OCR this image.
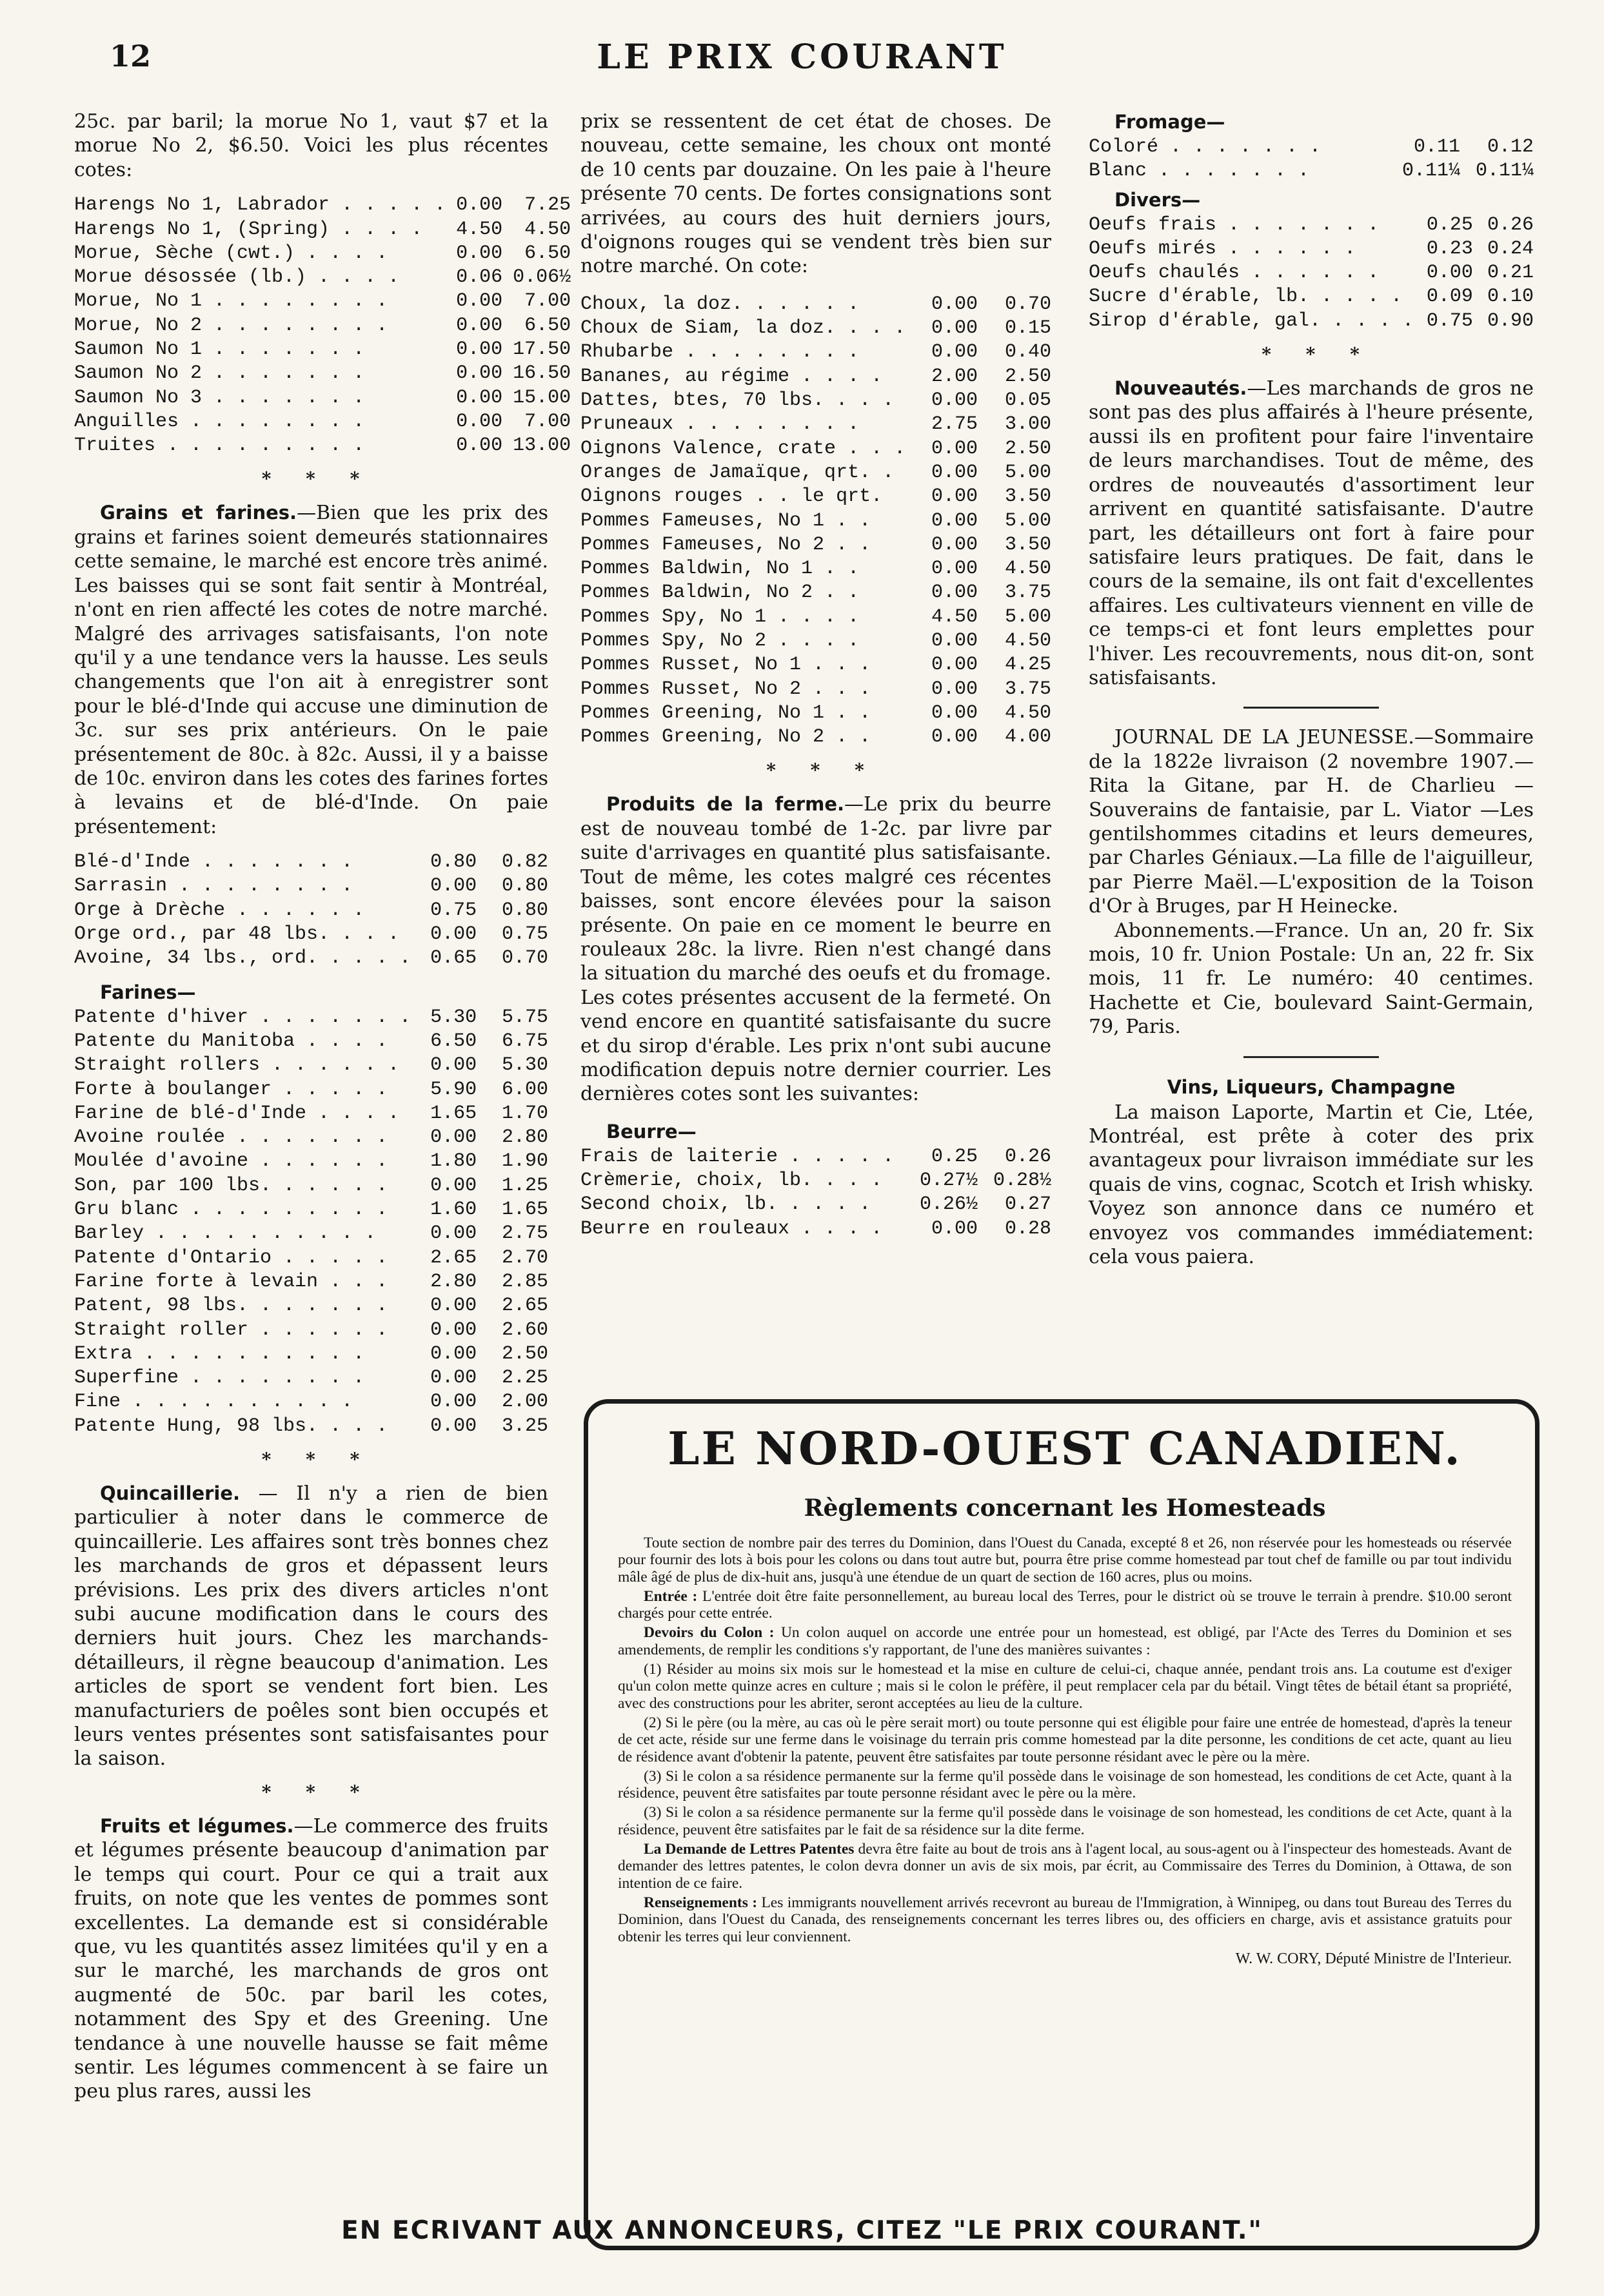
12	LE PRIX COURANT

25c. par baril; la morue No 1, vaut $7 et la morue No 2, $6.50. Voici les plus récentes cotes:

Harengs No 1, Labrador . . . . .	0.00	7.25
Harengs No 1, (Spring) . . . .	4.50	4.50
Morue, Sèche (cwt.) . . . .	0.00	6.50
Morue désossée (lb.) . . . .	0.06	0.06½
Morue, No 1 . . . . . . . .	0.00	7.00
Morue, No 2 . . . . . . . .	0.00	6.50
Saumon No 1 . . . . . . .	0.00	17.50
Saumon No 2 . . . . . . .	0.00	16.50
Saumon No 3 . . . . . . .	0.00	15.00
Anguilles . . . . . . . .	0.00	7.00
Truites . . . . . . . . .	0.00	13.00
* * *

Grains et farines.—Bien que les prix des grains et farines soient demeurés stationnaires cette semaine, le marché est encore très animé. Les baisses qui se sont fait sentir à Montréal, n'ont en rien affecté les cotes de notre marché. Malgré des arrivages satisfaisants, l'on note qu'il y a une tendance vers la hausse. Les seuls changements que l'on ait à enregistrer sont pour le blé-d'Inde qui accuse une diminution de 3c. sur ses prix antérieurs. On le paie présentement de 80c. à 82c. Aussi, il y a baisse de 10c. environ dans les cotes des farines fortes à levains et de blé-d'Inde. On paie présentement:

Blé-d'Inde . . . . . . .	0.80	0.82
Sarrasin . . . . . . . .	0.00	0.80
Orge à Drèche . . . . . .	0.75	0.80
Orge ord., par 48 lbs. . . .	0.00	0.75
Avoine, 34 lbs., ord. . . . .	0.65	0.70
Farines—
Patente d'hiver . . . . . . .	5.30	5.75
Patente du Manitoba . . . .	6.50	6.75
Straight rollers . . . . . .	0.00	5.30
Forte à boulanger . . . . .	5.90	6.00
Farine de blé-d'Inde . . . .	1.65	1.70
Avoine roulée . . . . . . .	0.00	2.80
Moulée d'avoine . . . . . .	1.80	1.90
Son, par 100 lbs. . . . . .	0.00	1.25
Gru blanc . . . . . . . . .	1.60	1.65
Barley . . . . . . . . . .	0.00	2.75
Patente d'Ontario . . . . .	2.65	2.70
Farine forte à levain . . .	2.80	2.85
Patent, 98 lbs. . . . . . .	0.00	2.65
Straight roller . . . . . .	0.00	2.60
Extra . . . . . . . . . .	0.00	2.50
Superfine . . . . . . . .	0.00	2.25
Fine . . . . . . . . . .	0.00	2.00
Patente Hung, 98 lbs. . . .	0.00	3.25
* * *

Quincaillerie. — Il n'y a rien de bien particulier à noter dans le commerce de quincaillerie. Les affaires sont très bonnes chez les marchands de gros et dépassent leurs prévisions. Les prix des divers articles n'ont subi aucune modification dans le cours des derniers huit jours. Chez les marchands-détailleurs, il règne beaucoup d'animation. Les articles de sport se vendent fort bien. Les manufacturiers de poêles sont bien occupés et leurs ventes présentes sont satisfaisantes pour la saison.

* * *

Fruits et légumes.—Le commerce des fruits et légumes présente beaucoup d'animation par le temps qui court. Pour ce qui a trait aux fruits, on note que les ventes de pommes sont excellentes. La demande est si considérable que, vu les quantités assez limitées qu'il y en a sur le marché, les marchands de gros ont augmenté de 50c. par baril les cotes, notamment des Spy et des Greening. Une tendance à une nouvelle hausse se fait même sentir. Les légumes commencent à se faire un peu plus rares, aussi les

prix se ressentent de cet état de choses. De nouveau, cette semaine, les choux ont monté de 10 cents par douzaine. On les paie à l'heure présente 70 cents. De fortes consignations sont arrivées, au cours des huit derniers jours, d'oignons rouges qui se vendent très bien sur notre marché. On cote:

Choux, la doz. . . . . .	0.00	0.70
Choux de Siam, la doz. . . .	0.00	0.15
Rhubarbe . . . . . . . .	0.00	0.40
Bananes, au régime . . . .	2.00	2.50
Dattes, btes, 70 lbs. . . .	0.00	0.05
Pruneaux . . . . . . . .	2.75	3.00
Oignons Valence, crate . . .	0.00	2.50
Oranges de Jamaïque, qrt. .	0.00	5.00
Oignons rouges . . le qrt.	0.00	3.50
Pommes Fameuses, No 1 . .	0.00	5.00
Pommes Fameuses, No 2 . .	0.00	3.50
Pommes Baldwin, No 1 . .	0.00	4.50
Pommes Baldwin, No 2 . .	0.00	3.75
Pommes Spy, No 1 . . . .	4.50	5.00
Pommes Spy, No 2 . . . .	0.00	4.50
Pommes Russet, No 1 . . .	0.00	4.25
Pommes Russet, No 2 . . .	0.00	3.75
Pommes Greening, No 1 . .	0.00	4.50
Pommes Greening, No 2 . .	0.00	4.00
* * *

Produits de la ferme.—Le prix du beurre est de nouveau tombé de 1-2c. par livre par suite d'arrivages en quantité plus satisfaisante. Tout de même, les cotes malgré ces récentes baisses, sont encore élevées pour la saison présente. On paie en ce moment le beurre en rouleaux 28c. la livre. Rien n'est changé dans la situation du marché des oeufs et du fromage. Les cotes présentes accusent de la fermeté. On vend encore en quantité satisfaisante du sucre et du sirop d'érable. Les prix n'ont subi aucune modification depuis notre dernier courrier. Les dernières cotes sont les suivantes:

Beurre—
Frais de laiterie . . . . .	0.25	0.26
Crèmerie, choix, lb. . . .	0.27½	0.28½
Second choix, lb. . . . .	0.26½	0.27
Beurre en rouleaux . . . .	0.00	0.28
Fromage—
Coloré . . . . . . .	0.11	0.12
Blanc . . . . . . .	0.11¼	0.11¼
Divers—
Oeufs frais . . . . . . .	0.25	0.26
Oeufs mirés . . . . . .	0.23	0.24
Oeufs chaulés . . . . . .	0.00	0.21
Sucre d'érable, lb. . . . .	0.09	0.10
Sirop d'érable, gal. . . . .	0.75	0.90
* * *

Nouveautés.—Les marchands de gros ne sont pas des plus affairés à l'heure présente, aussi ils en profitent pour faire l'inventaire de leurs marchandises. Tout de même, des ordres de nouveautés d'assortiment leur arrivent en quantité satisfaisante. D'autre part, les détailleurs ont fort à faire pour satisfaire leurs pratiques. De fait, dans le cours de la semaine, ils ont fait d'excellentes affaires. Les cultivateurs viennent en ville de ce temps-ci et font leurs emplettes pour l'hiver. Les recouvrements, nous dit-on, sont satisfaisants.

JOURNAL DE LA JEUNESSE.—Sommaire de la 1822e livraison (2 novembre 1907.—Rita la Gitane, par H. de Charlieu —Souverains de fantaisie, par L. Viator —Les gentilshommes citadins et leurs demeures, par Charles Géniaux.—La fille de l'aiguilleur, par Pierre Maël.—L'exposition de la Toison d'Or à Bruges, par H Heinecke.

Abonnements.—France. Un an, 20 fr. Six mois, 10 fr. Union Postale: Un an, 22 fr. Six mois, 11 fr. Le numéro: 40 centimes. Hachette et Cie, boulevard Saint-Germain, 79, Paris.

Vins, Liqueurs, Champagne

La maison Laporte, Martin et Cie, Ltée, Montréal, est prête à coter des prix avantageux pour livraison immédiate sur les quais de vins, cognac, Scotch et Irish whisky. Voyez son annonce dans ce numéro et envoyez vos commandes immédiatement: cela vous paiera.

LE NORD-OUEST CANADIEN.
Règlements concernant les Homesteads

Toute section de nombre pair des terres du Dominion, dans l'Ouest du Canada, excepté 8 et 26, non réservée pour les homesteads ou réservée pour fournir des lots à bois pour les colons ou dans tout autre but, pourra être prise comme homestead par tout chef de famille ou par tout individu mâle âgé de plus de dix-huit ans, jusqu'à une étendue de un quart de section de 160 acres, plus ou moins.

Entrée : L'entrée doit être faite personnellement, au bureau local des Terres, pour le district où se trouve le terrain à prendre. $10.00 seront chargés pour cette entrée.

Devoirs du Colon : Un colon auquel on accorde une entrée pour un homestead, est obligé, par l'Acte des Terres du Dominion et ses amendements, de remplir les conditions s'y rapportant, de l'une des manières suivantes :

(1) Résider au moins six mois sur le homestead et la mise en culture de celui-ci, chaque année, pendant trois ans. La coutume est d'exiger qu'un colon mette quinze acres en culture ; mais si le colon le préfère, il peut remplacer cela par du bétail. Vingt têtes de bétail étant sa propriété, avec des constructions pour les abriter, seront acceptées au lieu de la culture.

(2) Si le père (ou la mère, au cas où le père serait mort) ou toute personne qui est éligible pour faire une entrée de homestead, d'après la teneur de cet acte, réside sur une ferme dans le voisinage du terrain pris comme homestead par la dite personne, les conditions de cet acte, quant au lieu de résidence avant d'obtenir la patente, peuvent être satisfaites par toute personne résidant avec le père ou la mère.

(3) Si le colon a sa résidence permanente sur la ferme qu'il possède dans le voisinage de son homestead, les conditions de cet Acte, quant à la résidence, peuvent être satisfaites par toute personne résidant avec le père ou la mère.

(3) Si le colon a sa résidence permanente sur la ferme qu'il possède dans le voisinage de son homestead, les conditions de cet Acte, quant à la résidence, peuvent être satisfaites par le fait de sa résidence sur la dite ferme.

La Demande de Lettres Patentes devra être faite au bout de trois ans à l'agent local, au sous-agent ou à l'inspecteur des homesteads. Avant de demander des lettres patentes, le colon devra donner un avis de six mois, par écrit, au Commissaire des Terres du Dominion, à Ottawa, de son intention de ce faire.

Renseignements : Les immigrants nouvellement arrivés recevront au bureau de l'Immigration, à Winnipeg, ou dans tout Bureau des Terres du Dominion, dans l'Ouest du Canada, des renseignements concernant les terres libres ou, des officiers en charge, avis et assistance gratuits pour obtenir les terres qui leur conviennent.

W. W. CORY, Député Ministre de l'Interieur.
EN ECRIVANT AUX ANNONCEURS, CITEZ "LE PRIX COURANT."
